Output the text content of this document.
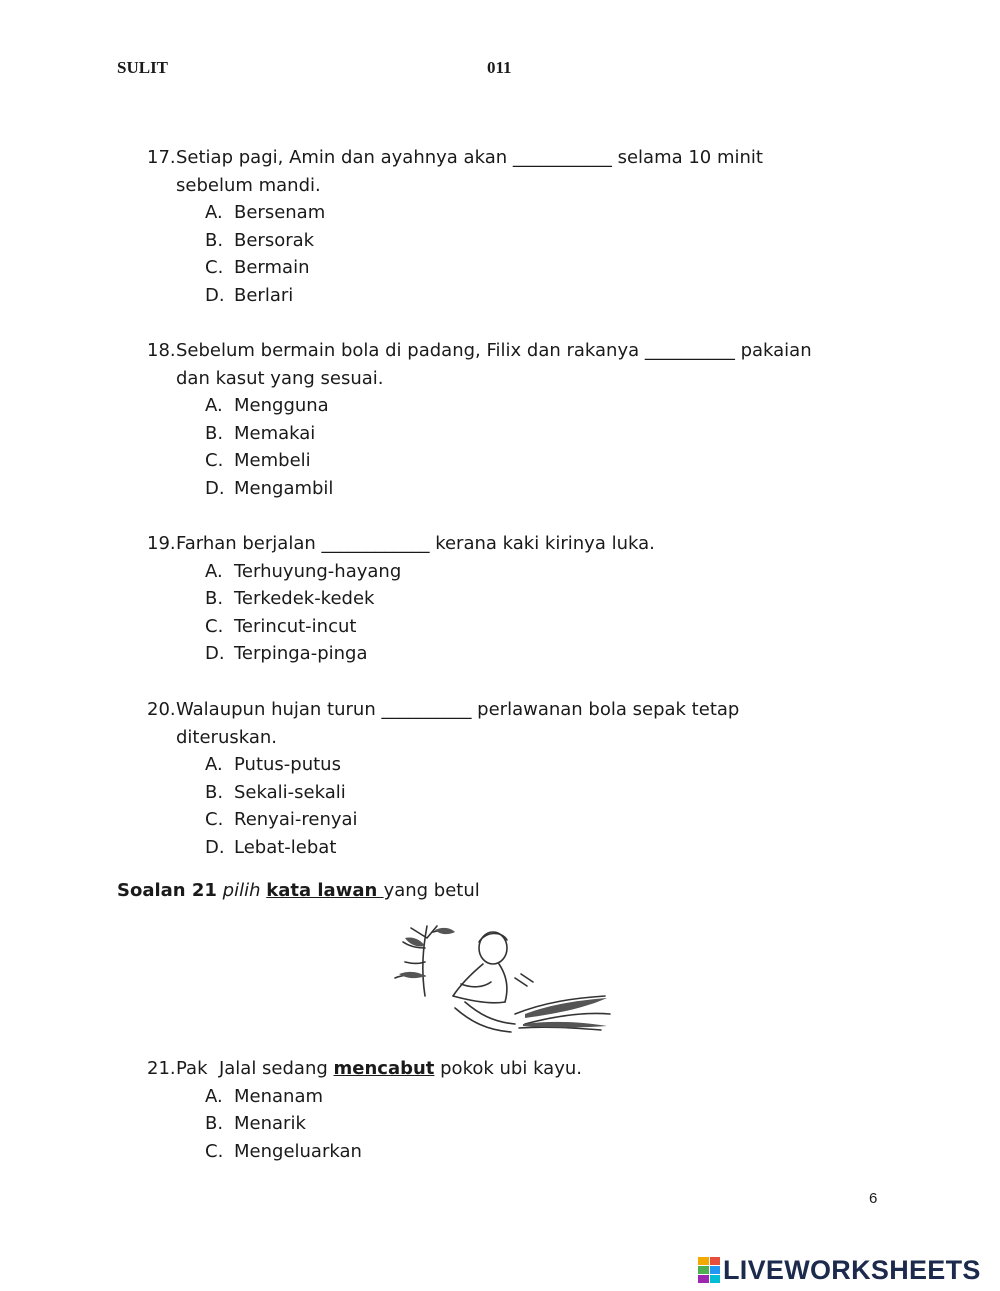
SULIT	011
17.Setiap pagi, Amin dan ayahnya akan ___________ selama 10 minit
sebelum mandi.
A. Bersenam
B. Bersorak
C. Bermain
D. Berlari
18.Sebelum bermain bola di padang, Filix dan rakanya __________ pakaian
dan kasut yang sesuai.
A. Mengguna
B. Memakai
C. Membeli
D. Mengambil
19.Farhan berjalan ____________ kerana kaki kirinya luka.
A. Terhuyung-hayang
B. Terkedek-kedek
C. Terincut-incut
D. Terpinga-pinga
20.Walaupun hujan turun __________ perlawanan bola sepak tetap
diteruskan.
A. Putus-putus
B. Sekali-sekali
C. Renyai-renyai
D. Lebat-lebat
Soalan 21 pilih kata lawan yang betul
21.Pak  Jalal sedang mencabut pokok ubi kayu.
A. Menanam
B. Menarik
C. Mengeluarkan
6
LIVEWORKSHEETS
